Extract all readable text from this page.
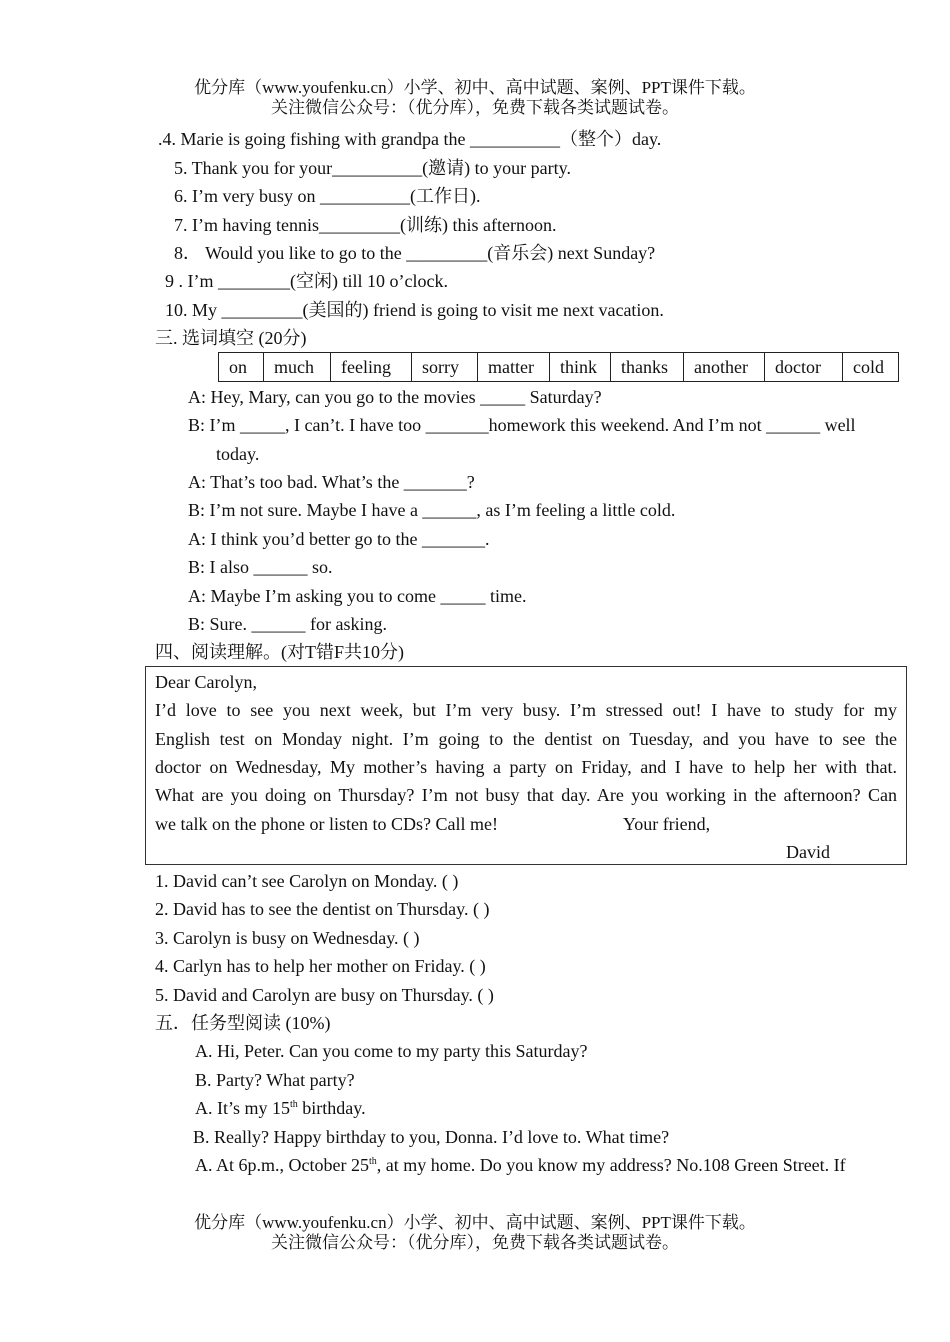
优分库（www.youfenku.cn）小学、初中、高中试题、案例、PPT课件下载。
关注微信公众号：（优分库），免费下载各类试题试卷。
.4. Marie is going fishing with grandpa the __________（整个）day.
5. Thank you for your__________(邀请) to your party.
6. I’m very busy on __________(工作日).
7. I’m having tennis_________(训练) this afternoon.
8． Would you like to go to the _________(音乐会) next Sunday?
9 . I’m ________(空闲) till 10 o’clock.
10. My _________(美国的) friend is going to visit me next vacation.
三. 选词填空 (20分)
on	much	feeling	sorry	matter	think	thanks	another	doctor	cold
A: Hey, Mary, can you go to the movies _____ Saturday?
B: I’m _____, I can’t. I have too _______homework this weekend. And I’m not ______ well
today.
A: That’s too bad. What’s the _______?
B: I’m not sure. Maybe I have a ______, as I’m feeling a little cold.
A: I think you’d better go to the _______.
B: I also ______ so.
A: Maybe I’m asking you to come _____ time.
B: Sure. ______ for asking.
四、阅读理解。(对T错F共10分)
Dear Carolyn,
I’d love to see you next week, but I’m very busy. I’m stressed out! I have to study for my
English test on Monday night. I’m going to the dentist on Tuesday, and you have to see the
doctor on Wednesday, My mother’s having a party on Friday, and I have to help her with that.
What are you doing on Thursday? I’m not busy that day. Are you working in the afternoon? Can
we talk on the phone or listen to CDs? Call me!	Your friend,
David
1. David can’t see Carolyn on Monday. ( )
2. David has to see the dentist on Thursday. ( )
3. Carolyn is busy on Wednesday. ( )
4. Carlyn has to help her mother on Friday. ( )
5. David and Carolyn are busy on Thursday. ( )
五．任务型阅读 (10%)
A. Hi, Peter. Can you come to my party this Saturday?
B. Party? What party?
A. It’s my 15th birthday.
B. Really? Happy birthday to you, Donna. I’d love to. What time?
A. At 6p.m., October 25th, at my home. Do you know my address? No.108 Green Street. If
优分库（www.youfenku.cn）小学、初中、高中试题、案例、PPT课件下载。
关注微信公众号：（优分库），免费下载各类试题试卷。
